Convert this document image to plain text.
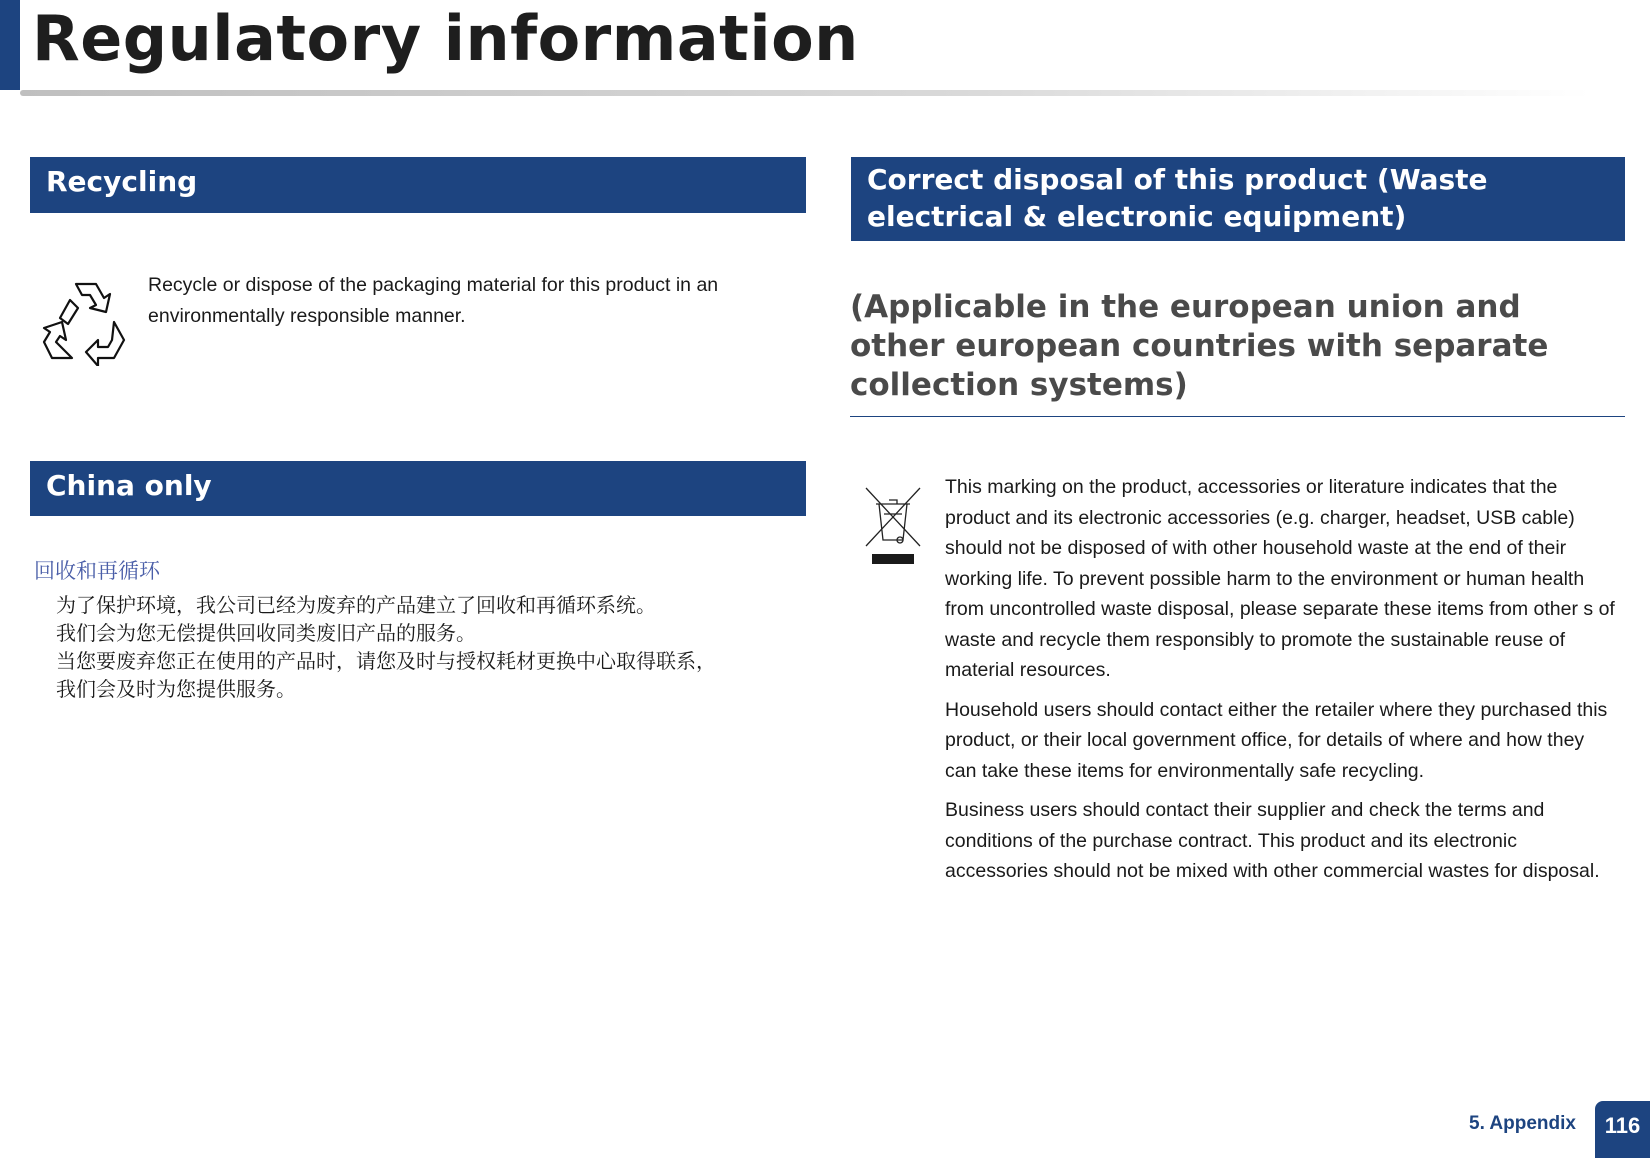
Regulatory information
Recycling

Recycle or dispose of the packaging material for this product in an environmentally responsible manner.

China only

回收和再循环

为了保护环境，我公司已经为废弃的产品建立了回收和再循环系统。
我们会为您无偿提供回收同类废旧产品的服务。
当您要废弃您正在使用的产品时，请您及时与授权耗材更换中心取得联系，
我们会及时为您提供服务。
Correct disposal of this product (Waste electrical & electronic equipment)
(Applicable in the european union and other european countries with separate collection systems)

This marking on the product, accessories or literature indicates that the product and its electronic accessories (e.g. charger, headset, USB cable) should not be disposed of with other household waste at the end of their working life. To prevent possible harm to the environment or human health from uncontrolled waste disposal, please separate these items from other s of waste and recycle them responsibly to promote the sustainable reuse of material resources.

Household users should contact either the retailer where they purchased this product, or their local government office, for details of where and how they can take these items for environmentally safe recycling.

Business users should contact their supplier and check the terms and conditions of the purchase contract. This product and its electronic accessories should not be mixed with other commercial wastes for disposal.

5. Appendix	116
